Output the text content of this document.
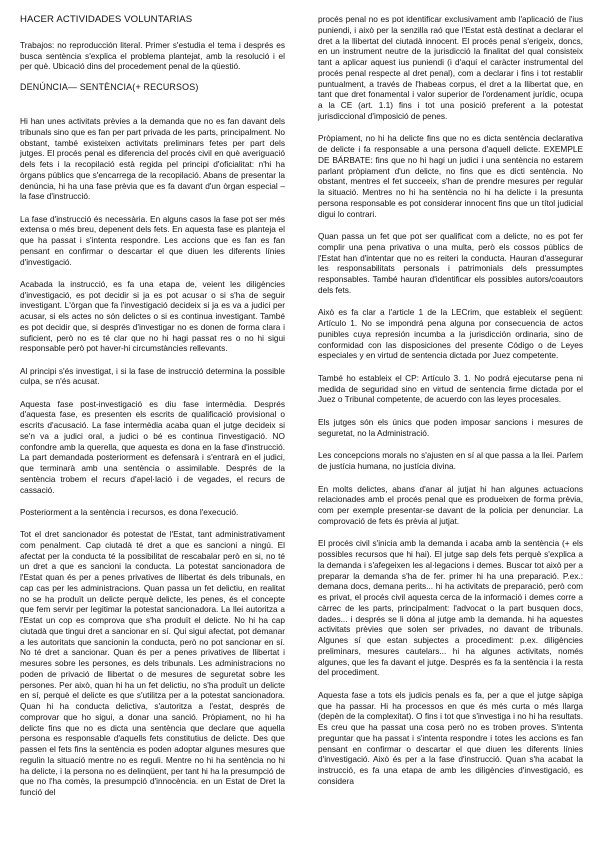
HACER ACTIVIDADES VOLUNTARIAS
Trabajos: no reproducción literal. Primer s'estudia el tema i després es busca sentència s'explica el problema plantejat, amb la resolució i el per què. Ubicació dins del procedement penal de la qüestió.
DENÚNCIA— SENTÈNCIA(+ RECURSOS)

Hi han unes activitats prèvies a la demanda que no es fan davant dels tribunals sino que es fan per part privada de les parts, principalment. No obstant, també existeixen activitats preliminars fetes per part dels jutges. El procés penal es diferencia del procés civil en què averiguació dels fets i la recopilació està regida pel principi d'oficialitat: n'hi ha òrgans públics que s'encarrega de la recopilació. Abans de presentar la denúncia, hi ha una fase prèvia que es fa davant d'un òrgan especial – la fase d'instrucció.

La fase d'instrucció és necessària. En alguns casos la fase pot ser més extensa o més breu, depenent dels fets. En aquesta fase es planteja el que ha passat i s'intenta respondre. Les accions que es fan es fan pensant en confirmar o descartar el que diuen les diferents línies d'investigació.

Acabada la instrucció, es fa una etapa de, veient les diligències d'investigació, es pot decidir si ja es pot acusar o si s'ha de seguir investigant. L'òrgan que fa l'investigació decideix si ja es va a judici per acusar, si els actes no són delictes o si es continua investigant. També es pot decidir que, si després d'investigar no es donen de forma clara i suficient, però no es té clar que no hi hagi passat res o no hi sigui responsable però pot haver-hi circumstàncies rellevants.

Al principi s'és investigat, i si la fase de instrucció determina la possible culpa, se n'és acusat.

Aquesta fase post-investigació es diu fase intermèdia. Després d'aquesta fase, es presenten els escrits de qualificació provisional o escrits d'acusació. La fase intermèdia acaba quan el jutge decideix si se'n va a judici oral, a judici o bé es continua l'investigació. NO confondre amb la querella, que aquesta es dona en la fase d'instrucció. La part demandada posteriorment es defensarà i s'entrarà en el judici, que terminarà amb una sentència o assimilable. Després de la sentència trobem el recurs d'apel·lació i de vegades, el recurs de cassació.

Posteriorment a la sentència i recursos, es dona l'execució.

Tot el dret sancionador és potestat de l'Estat, tant administrativament com penalment. Cap ciutadà té dret a que es sancioni a ningú. El afectat per la conducta té la possibilitat de rescabalar però en si, no té un dret a que es sancioni la conducta. La potestat sancionadora de l'Estat quan és per a penes privatives de llibertat és dels tribunals, en cap cas per les administracions. Quan passa un fet delictiu, en realitat no se ha produït un delicte perquè delicte, les penes, és el concepte que fem servir per legitimar la potestat sancionadora. La llei autoritza a l'Estat un cop es comprova que s'ha produït el delicte. No hi ha cap ciutadà que tingui dret a sancionar en sí. Qui sigui afectat, pot demanar a les autoritats que sancionin la conducta, però no pot sancionar en sí. No té dret a sancionar. Quan és per a penes privatives de llibertat i mesures sobre les persones, es dels tribunals. Les administracions no poden de privació de llibertat o de mesures de seguretat sobre les persones. Per això, quan hi ha un fet delictiu, no s'ha produït un delicte en sí, perquè el delicte es que s'utilitza per a la potestat sancionadora. Quan hi ha conducta delictiva, s'autoritza a l'estat, després de comprovar que ho sigui, a donar una sanció. Pròpiament, no hi ha delicte fins que no es dicta una sentència que declare que aquella persona es responsable d'aquells fets constitutius de delicte. Des que passen el fets fins la sentència es poden adoptar algunes mesures que regulin la situació mentre no es reguli. Mentre no hi ha sentència no hi ha delicte, i la persona no es delinqüent, per tant hi ha la presumpció de que no l'ha comès, la presumpció d'innocència. en un Estat de Dret la funció del

procés penal no es pot identificar exclusivament amb l'aplicació de l'ius puniendi, i això per la senzilla raó que l'Estat està destinat a declarar el dret a la llibertat del ciutadà innocent. El procés penal s'erigeix, doncs, en un instrument neutre de la jurisdicció la finalitat del qual consisteix tant a aplicar aquest ius puniendi (i d'aquí el caràcter instrumental del procés penal respecte al dret penal), com a declarar i fins i tot restablir puntualment, a través de l'habeas corpus, el dret a la llibertat que, en tant que dret fonamental i valor superior de l'ordenament jurídic, ocupa a la CE (art. 1.1) fins i tot una posició preferent a la potestat jurisdiccional d'imposició de penes.

Pròpiament, no hi ha delicte fins que no es dicta sentència declarativa de delicte i fa responsable a una persona d'aquell delicte. EXEMPLE DE BÁRBATE: fins que no hi hagi un judici i una sentència no estarem parlant pròpiament d'un delicte, no fins que es dicti sentència. No obstant, mentres el fet succeeix, s'han de prendre mesures per regular la situació. Mentres no hi ha sentència no hi ha delicte i la presunta persona responsable es pot considerar innocent fins que un títol judicial digui lo contrari.

Quan passa un fet que pot ser qualificat com a delicte, no es pot fer complir una pena privativa o una multa, però els cossos públics de l'Estat han d'intentar que no es reiteri la conducta. Hauran d'assegurar les responsabilitats personals i patrimonials dels pressumptes responsables. També hauran d'identificar els possibles autors/coautors dels fets.

Això es fa clar a l'article 1 de la LECrim, que estableix el següent: Artículo 1. No se impondrá pena alguna por consecuencia de actos punibles cuya represión incumba a la jurisdicción ordinaria, sino de conformidad con las disposiciones del presente Código o de Leyes especiales y en virtud de sentencia dictada por Juez competente.

També ho estableix el CP: Artículo 3. 1. No podrá ejecutarse pena ni medida de seguridad sino en virtud de sentencia firme dictada por el Juez o Tribunal competente, de acuerdo con las leyes procesales.

Els jutges són els únics que poden imposar sancions i mesures de seguretat, no la Administració.

Les concepcions morals no s'ajusten en sí al que passa a la llei. Parlem de justícia humana, no justícia divina.

En molts delictes, abans d'anar al jutjat hi han algunes actuacions relacionades amb el procés penal que es produeixen de forma prèvia, com per exemple presentar-se davant de la policia per denunciar. La comprovació de fets és prèvia al jutjat.

El procés civil s'inicia amb la demanda i acaba amb la sentència (+ els possibles recursos que hi hai). El jutge sap dels fets perquè s'explica a la demanda i s'afegeixen les al·legacions i demes. Buscar tot això per a preparar la demanda s'ha de fer. primer hi ha una preparació. P.ex.: demana docs, demana perits... hi ha activitats de preparació, però com es privat, el procés civil aquesta cerca de la informació i demes corre a càrrec de les parts, principalment: l'advocat o la part busquen docs, dades... i després se li dóna al jutge amb la demanda. hi ha aquestes activitats prèvies que solen ser privades, no davant de tribunals. Algunes sí que estan subjectes a procediment: p.ex. diligències preliminars, mesures cautelars... hi ha algunes activitats, només algunes, que les fa davant el jutge. Després es fa la sentència i la resta del procediment.

Aquesta fase a tots els judicis penals es fa, per a que el jutge sàpiga que ha passar. Hi ha processos en que és més curta o més llarga (depèn de la complexitat). O fins i tot que s'investiga i no hi ha resultats. Es creu que ha passat una cosa però no es troben proves. S'intenta preguntar que ha passat i s'intenta respondre i totes les accions es fan pensant en confirmar o descartar el que diuen les diferents línies d'investigació. Això és per a la fase d'instrucció. Quan s'ha acabat la instrucció, es fa una etapa de amb les diligències d'investigació, es considera
